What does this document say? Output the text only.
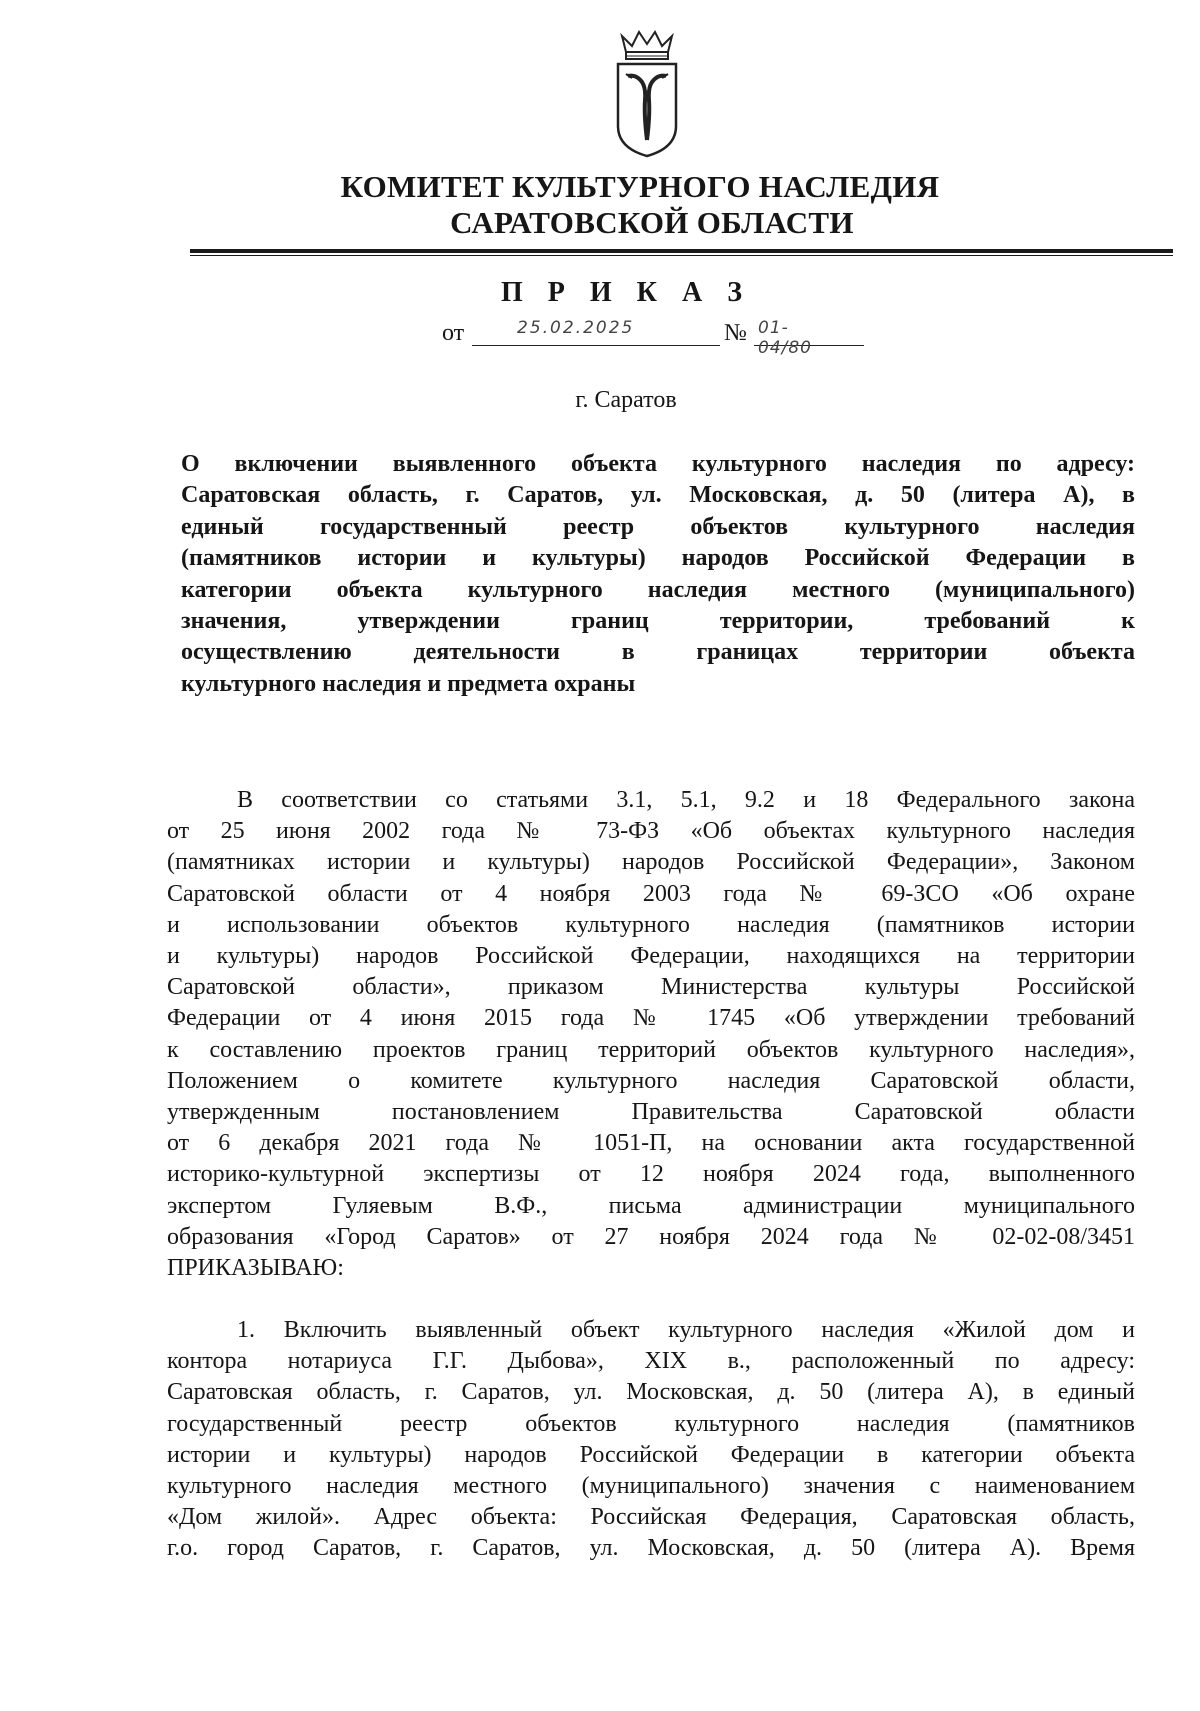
КОМИТЕТ КУЛЬТУРНОГО НАСЛЕДИЯ
САРАТОВСКОЙ ОБЛАСТИ
П Р И К А З
от	25.02.2025	№ 01-04/80
г. Саратов
О включении выявленного объекта культурного наследия по адресу:
Саратовская область, г. Саратов, ул. Московская, д. 50 (литера А), в
единый государственный реестр объектов культурного наследия
(памятников истории и культуры) народов Российской Федерации в
категории объекта культурного наследия местного (муниципального)
значения, утверждении границ территории, требований к
осуществлению деятельности в границах территории объекта
культурного наследия и предмета охраны
В соответствии со статьями 3.1, 5.1, 9.2 и 18 Федерального закона
от 25 июня 2002 года № 73-ФЗ «Об объектах культурного наследия
(памятниках истории и культуры) народов Российской Федерации», Законом
Саратовской области от 4 ноября 2003 года № 69-ЗСО «Об охране
и использовании объектов культурного наследия (памятников истории
и культуры) народов Российской Федерации, находящихся на территории
Саратовской области», приказом Министерства культуры Российской
Федерации от 4 июня 2015 года № 1745 «Об утверждении требований
к составлению проектов границ территорий объектов культурного наследия»,
Положением о комитете культурного наследия Саратовской области,
утвержденным постановлением Правительства Саратовской области
от 6 декабря 2021 года № 1051-П, на основании акта государственной
историко-культурной экспертизы от 12 ноября 2024 года, выполненного
экспертом Гуляевым В.Ф., письма администрации муниципального
образования «Город Саратов» от 27 ноября 2024 года № 02-02-08/3451
ПРИКАЗЫВАЮ:
1. Включить выявленный объект культурного наследия «Жилой дом и
контора нотариуса Г.Г. Дыбова», XIX в., расположенный по адресу:
Саратовская область, г. Саратов, ул. Московская, д. 50 (литера А), в единый
государственный реестр объектов культурного наследия (памятников
истории и культуры) народов Российской Федерации в категории объекта
культурного наследия местного (муниципального) значения с наименованием
«Дом жилой». Адрес объекта: Российская Федерация, Саратовская область,
г.о. город Саратов, г. Саратов, ул. Московская, д. 50 (литера А). Время
